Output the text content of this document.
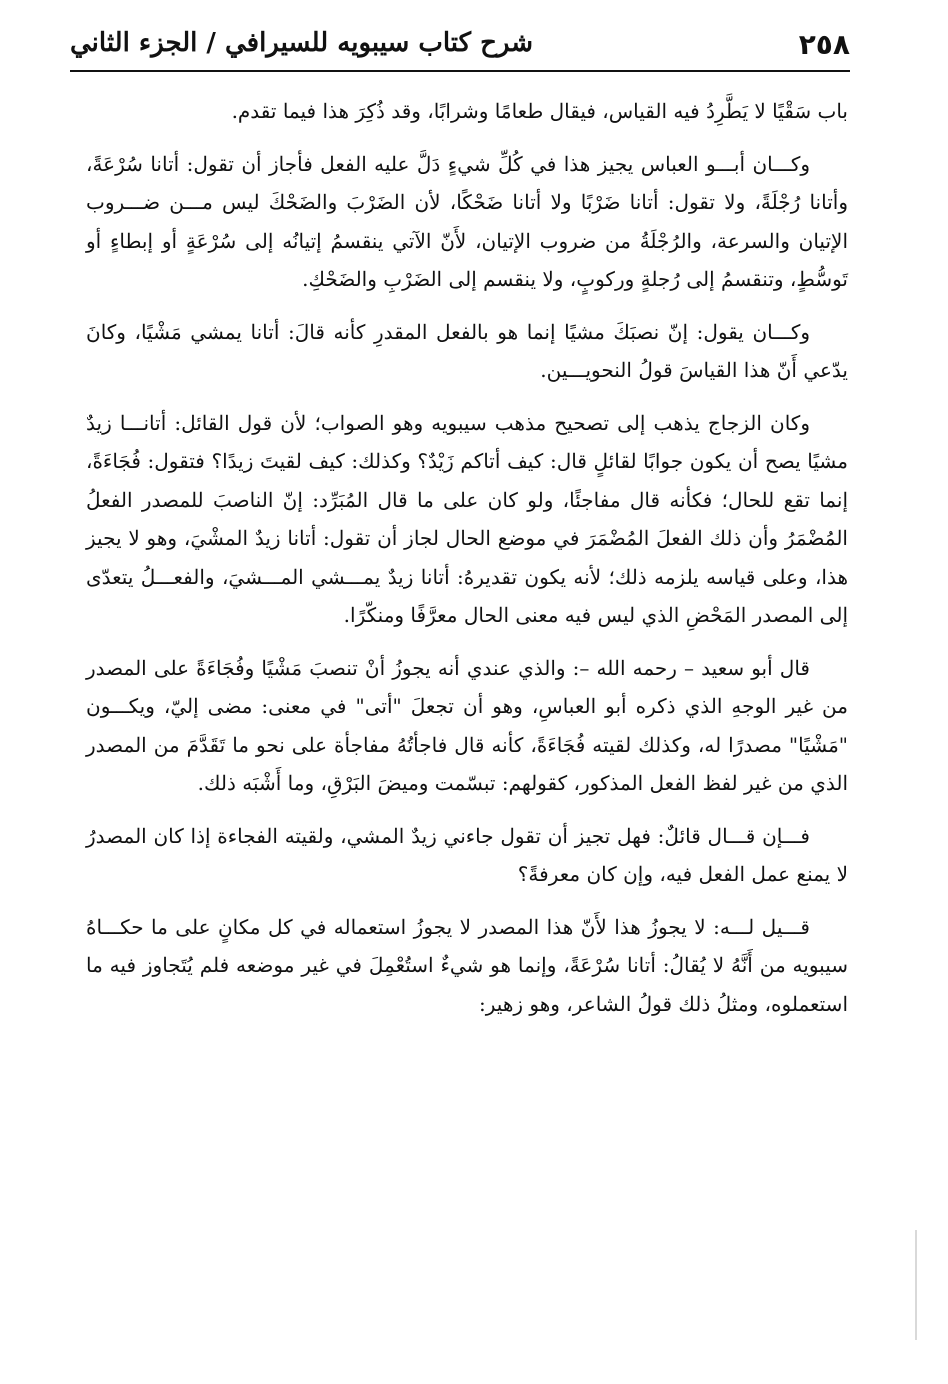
٢٥٨
شرح كتاب سيبويه للسيرافي / الجزء الثاني

باب سَقْيًا لا يَطَّرِدُ فيه القياس، فيقال طعامًا وشرابًا، وقد ذُكِرَ هذا فيما تقدم.

وكـــان أبـــو العباس يجيز هذا في كُلِّ شيءٍ دَلَّ عليه الفعل فأجاز أن تقول: أتانا سُرْعَةً، وأتانا رُجْلَةً، ولا تقول: أتانا ضَرْبًا ولا أتانا ضَحْكًا، لأن الضَرْبَ والضَحْكَ ليس مـــن ضـــروب الإتيان والسرعة، والرُجْلَةُ من ضروب الإتيان، لأَنّ الآتي ينقسمُ إتيانُه إلى سُرْعَةٍ أو إبطاءٍ أو تَوسُّطٍ، وتنقسمُ إلى رُجلةٍ وركوبٍ، ولا ينقسم إلى الضَرْبِ والضَحْكِ.

وكـــان يقول: إنّ نصبَكَ مشيًا إنما هو بالفعل المقدرِ كأنه قالَ: أتانا يمشي مَشْيًا، وكانَ يدّعي أَنّ هذا القياسَ قولُ النحويـــين.

وكان الزجاج يذهب إلى تصحيح مذهب سيبويه وهو الصواب؛ لأن قول القائل: أتانـــا زيدٌ مشيًا يصح أن يكون جوابًا لقائلٍ قال: كيف أتاكم زَيْدٌ؟ وكذلك: كيف لقيتَ زيدًا؟ فتقول: فُجَاءَةً، إنما تقع للحال؛ فكأنه قال مفاجئًا، ولو كان على ما قال المُبَرِّد: إنّ الناصبَ للمصدر الفعلُ المُضْمَرُ وأن ذلك الفعلَ المُضْمَرَ في موضع الحال لجاز أن تقول: أتانا زيدٌ المشْيَ، وهو لا يجيز هذا، وعلى قياسه يلزمه ذلك؛ لأنه يكون تقديرهُ: أتانا زيدٌ يمـــشي المـــشيَ، والفعـــلُ يتعدّى إلى المصدر المَحْضِ الذي ليس فيه معنى الحال معرَّفًا ومنكّرًا.

قال أبو سعيد – رحمه الله –: والذي عندي أنه يجوزُ أنْ تنصبَ مَشْيًا وفُجَاءَةً على المصدر من غير الوجهِ الذي ذكره أبو العباسِ، وهو أن تجعلَ "أتى" في معنى: مضى إليّ، ويكـــون "مَشْيًا" مصدرًا له، وكذلك لقيته فُجَاءَةً، كأنه قال فاجأتُهُ مفاجأة على نحو ما تَقَدَّمَ من المصدر الذي من غير لفظ الفعل المذكور، كقولهم: تبسّمت وميضَ البَرْقِ، وما أَشْبَه ذلك.

فـــإن قـــال قائلٌ: فهل تجيز أن تقول جاءني زيدٌ المشي، ولقيته الفجاءة إذا كان المصدرُ لا يمنع عمل الفعل فيه، وإن كان معرفةً؟

قـــيل لـــه: لا يجوزُ هذا لأَنّ هذا المصدر لا يجوزُ استعماله في كل مكانٍ على ما حكـــاهُ سيبويه من أَنَّهُ لا يُقالُ: أتانا سُرْعَةً، وإنما هو شيءٌ استُعْمِلَ في غير موضعه فلم يُتَجاوز فيه ما استعملوه، ومثلُ ذلك قولُ الشاعر، وهو زهير:
